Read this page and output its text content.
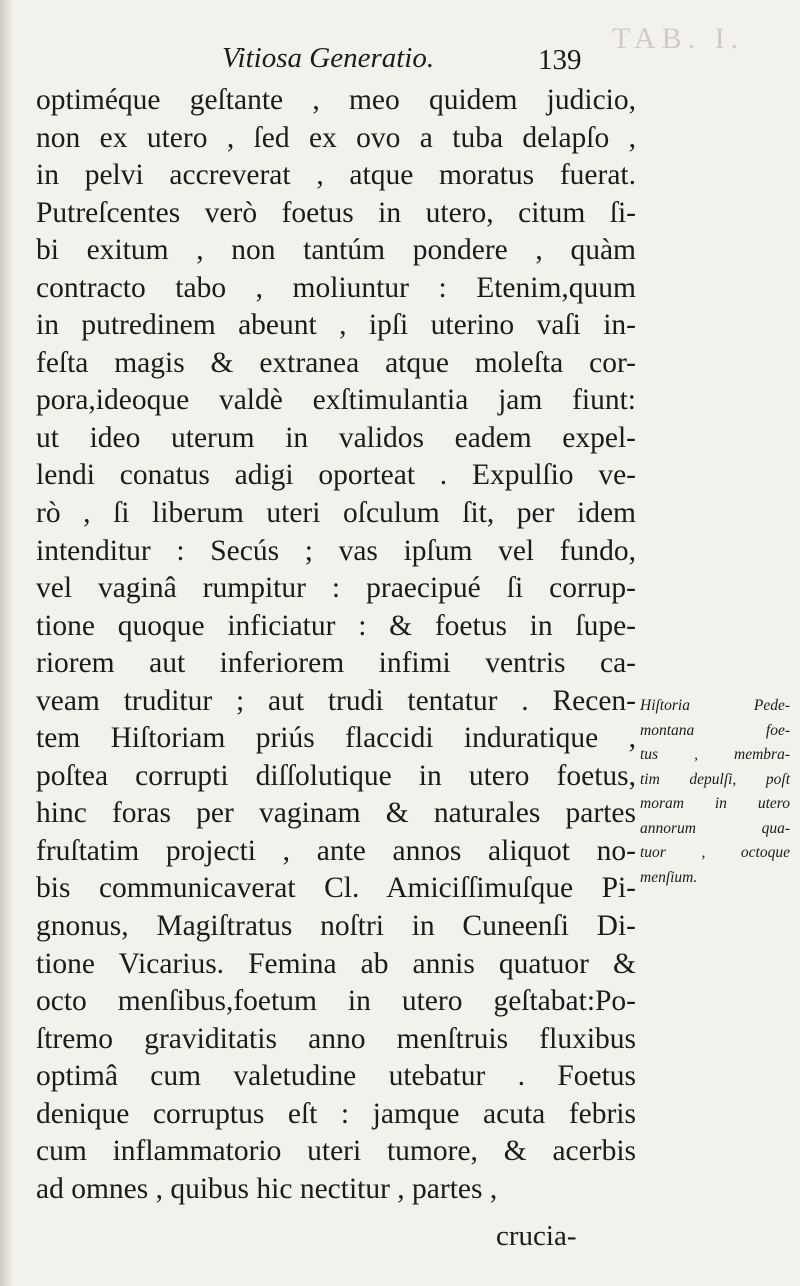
TAB. I.
Vitiosa Generatio.	139
optiméque geſtante , meo quidem judicio,
non ex utero , ſed ex ovo a tuba delapſo ,
in pelvi accreverat , atque moratus fuerat.
Putreſcentes verò foetus in utero, citum ſi-
bi exitum , non tantúm pondere , quàm
contracto tabo , moliuntur : Etenim,quum
in putredinem abeunt , ipſi uterino vaſi in-
feſta magis & extranea atque moleſta cor-
pora,ideoque valdè exſtimulantia jam fiunt:
ut ideo uterum in validos eadem expel-
lendi conatus adigi oporteat . Expulſio ve-
rò , ſi liberum uteri oſculum ſit, per idem
intenditur : Secús ; vas ipſum vel fundo,
vel vaginâ rumpitur : praecipué ſi corrup-
tione quoque inficiatur : & foetus in ſupe-
riorem aut inferiorem infimi ventris ca-
veam truditur ; aut trudi tentatur . Recen-
tem Hiſtoriam priús flaccidi induratique ,
poſtea corrupti diſſolutique in utero foetus,
hinc foras per vaginam & naturales partes
fruſtatim projecti , ante annos aliquot no-
bis communicaverat Cl. Amiciſſimuſque Pi-
gnonus, Magiſtratus noſtri in Cuneenſi Di-
tione Vicarius. Femina ab annis quatuor &
octo menſibus,foetum in utero geſtabat:Po-
ſtremo graviditatis anno menſtruis fluxibus
optimâ cum valetudine utebatur . Foetus
denique corruptus eſt : jamque acuta febris
cum inflammatorio uteri tumore, & acerbis
ad omnes , quibus hic nectitur , partes ,
crucia-
Hiſtoria Pede-
montana foe-
tus , membra-
tim depulſi, poſt
moram in utero
annorum qua-
tuor , octoque
menſium.
